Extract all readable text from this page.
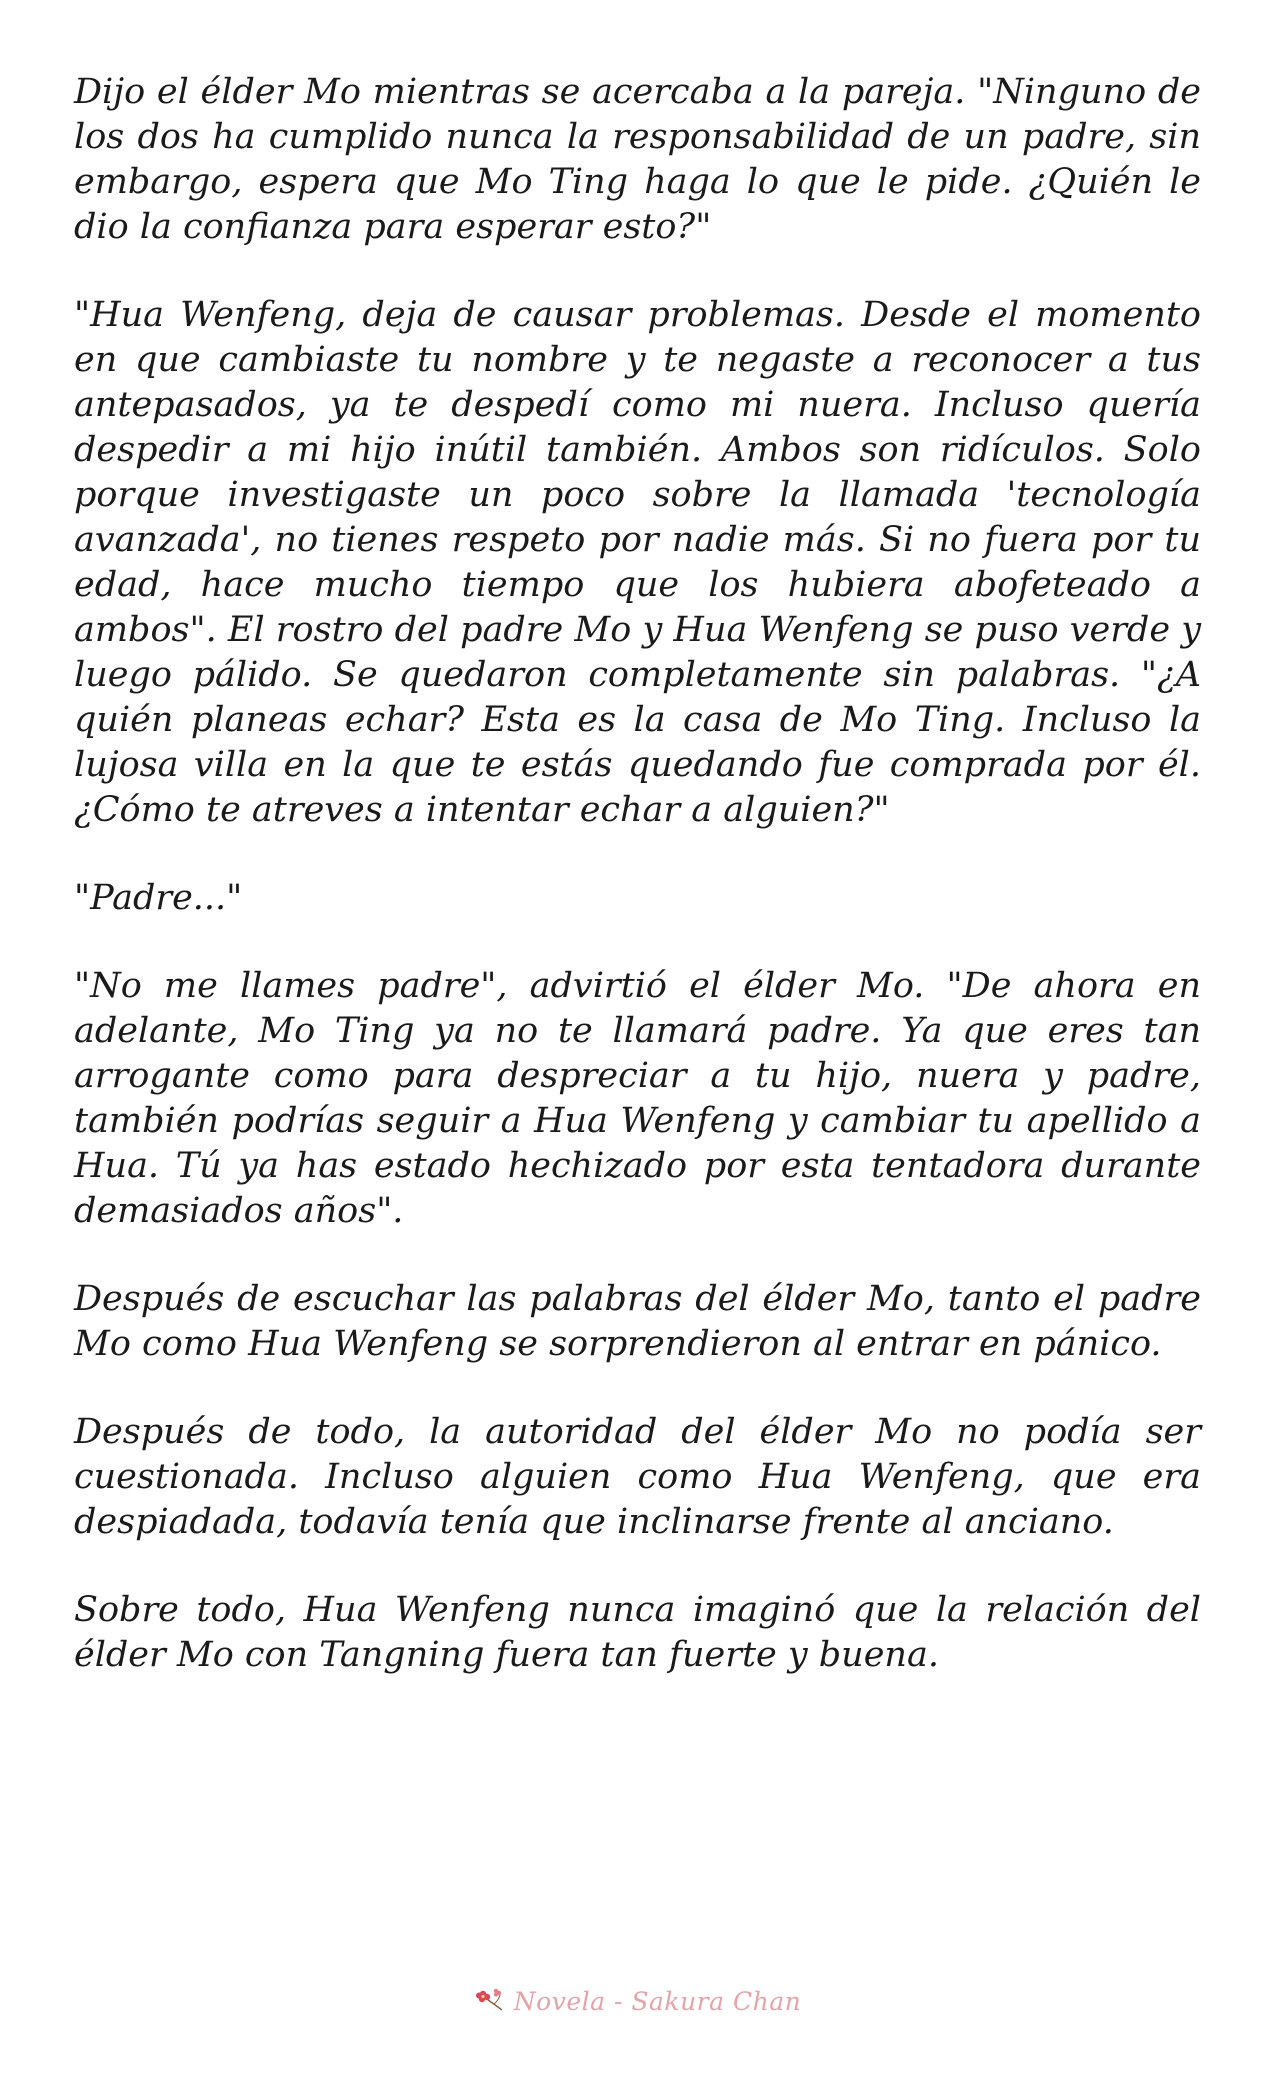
Dijo el élder Mo mientras se acercaba a la pareja. "Ninguno de los dos ha cumplido nunca la responsabilidad de un padre, sin embargo, espera que Mo Ting haga lo que le pide. ¿Quién le dio la confianza para esperar esto?"

"Hua Wenfeng, deja de causar problemas. Desde el momento en que cambiaste tu nombre y te negaste a reconocer a tus antepasados, ya te despedí como mi nuera. Incluso quería despedir a mi hijo inútil también. Ambos son ridículos. Solo porque investigaste un poco sobre la llamada 'tecnología avanzada', no tienes respeto por nadie más. Si no fuera por tu edad, hace mucho tiempo que los hubiera abofeteado a ambos". El rostro del padre Mo y Hua Wenfeng se puso verde y luego pálido. Se quedaron completamente sin palabras. "¿A quién planeas echar? Esta es la casa de Mo Ting. Incluso la lujosa villa en la que te estás quedando fue comprada por él. ¿Cómo te atreves a intentar echar a alguien?"

"Padre..."

"No me llames padre", advirtió el élder Mo. "De ahora en adelante, Mo Ting ya no te llamará padre. Ya que eres tan arrogante como para despreciar a tu hijo, nuera y padre, también podrías seguir a Hua Wenfeng y cambiar tu apellido a Hua. Tú ya has estado hechizado por esta tentadora durante demasiados años".

Después de escuchar las palabras del élder Mo, tanto el padre Mo como Hua Wenfeng se sorprendieron al entrar en pánico.

Después de todo, la autoridad del élder Mo no podía ser cuestionada. Incluso alguien como Hua Wenfeng, que era despiadada, todavía tenía que inclinarse frente al anciano.

Sobre todo, Hua Wenfeng nunca imaginó que la relación del élder Mo con Tangning fuera tan fuerte y buena.

Novela - Sakura Chan
